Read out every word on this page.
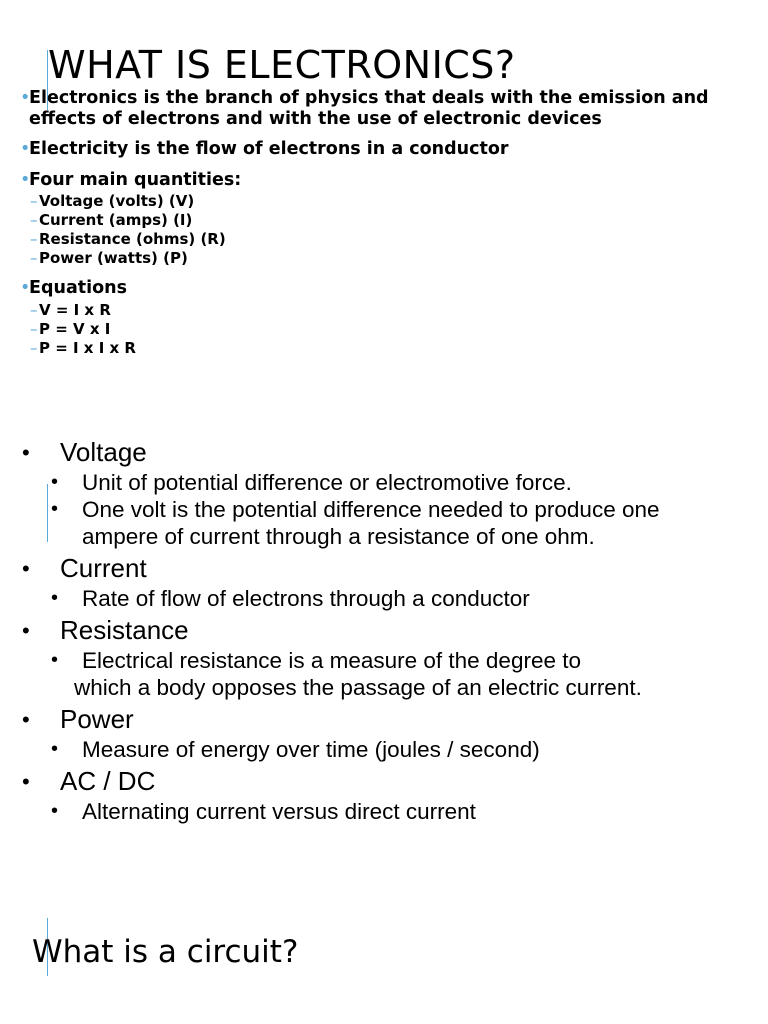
WHAT IS ELECTRONICS?
•
Electronics is the branch of physics that deals with the emission and effects of electrons and with the use of electronic devices
•
Electricity is the flow of electrons in a conductor
•
Four main quantities:
– Voltage (volts) (V)
– Current (amps) (I)
– Resistance (ohms) (R)
– Power (watts) (P)
•
Equations
– V = I x R
– P = V x I
– P = I x I x R
• Voltage
• Unit of potential difference or electromotive force.
• One volt is the potential difference needed to produce one
ampere of current through a resistance of one ohm.
• Current
• Rate of flow of electrons through a conductor
• Resistance
• Electrical resistance is a measure of the degree to
which a body opposes the passage of an electric current.
• Power
• Measure of energy over time (joules / second)
• AC / DC
• Alternating current versus direct current
What is a circuit?
